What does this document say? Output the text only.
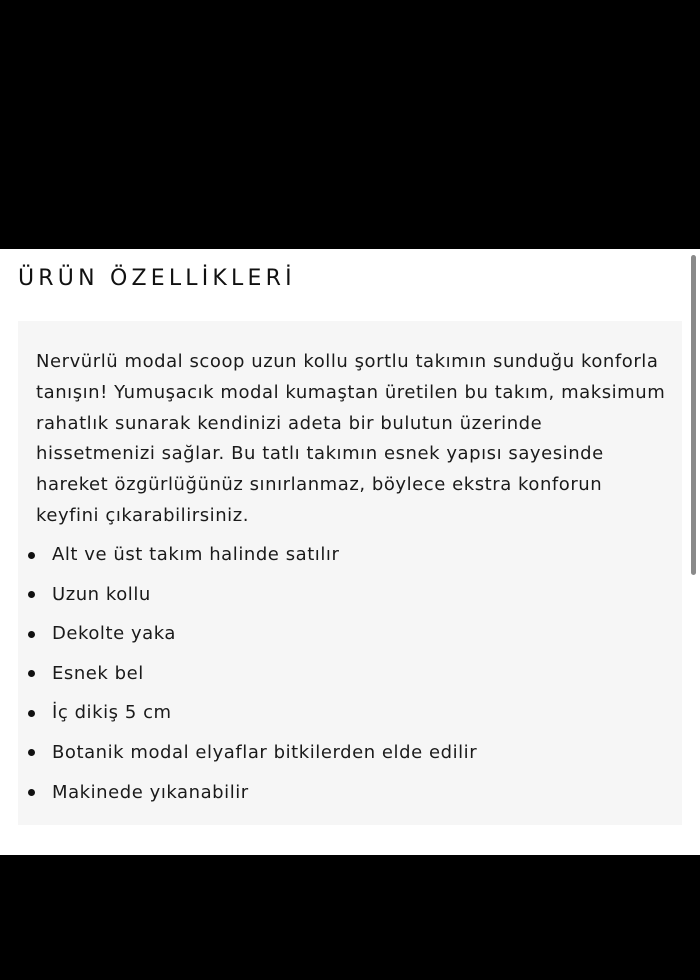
ÜRÜN ÖZELLİKLERİ

Nervürlü modal scoop uzun kollu şortlu takımın sunduğu konforla tanışın! Yumuşacık modal kumaştan üretilen bu takım, maksimum rahatlık sunarak kendinizi adeta bir bulutun üzerinde hissetmenizi sağlar. Bu tatlı takımın esnek yapısı sayesinde hareket özgürlüğünüz sınırlanmaz, böylece ekstra konforun keyfini çıkarabilirsiniz.

Alt ve üst takım halinde satılır
Uzun kollu
Dekolte yaka
Esnek bel
İç dikiş 5 cm
Botanik modal elyaflar bitkilerden elde edilir
Makinede yıkanabilir
